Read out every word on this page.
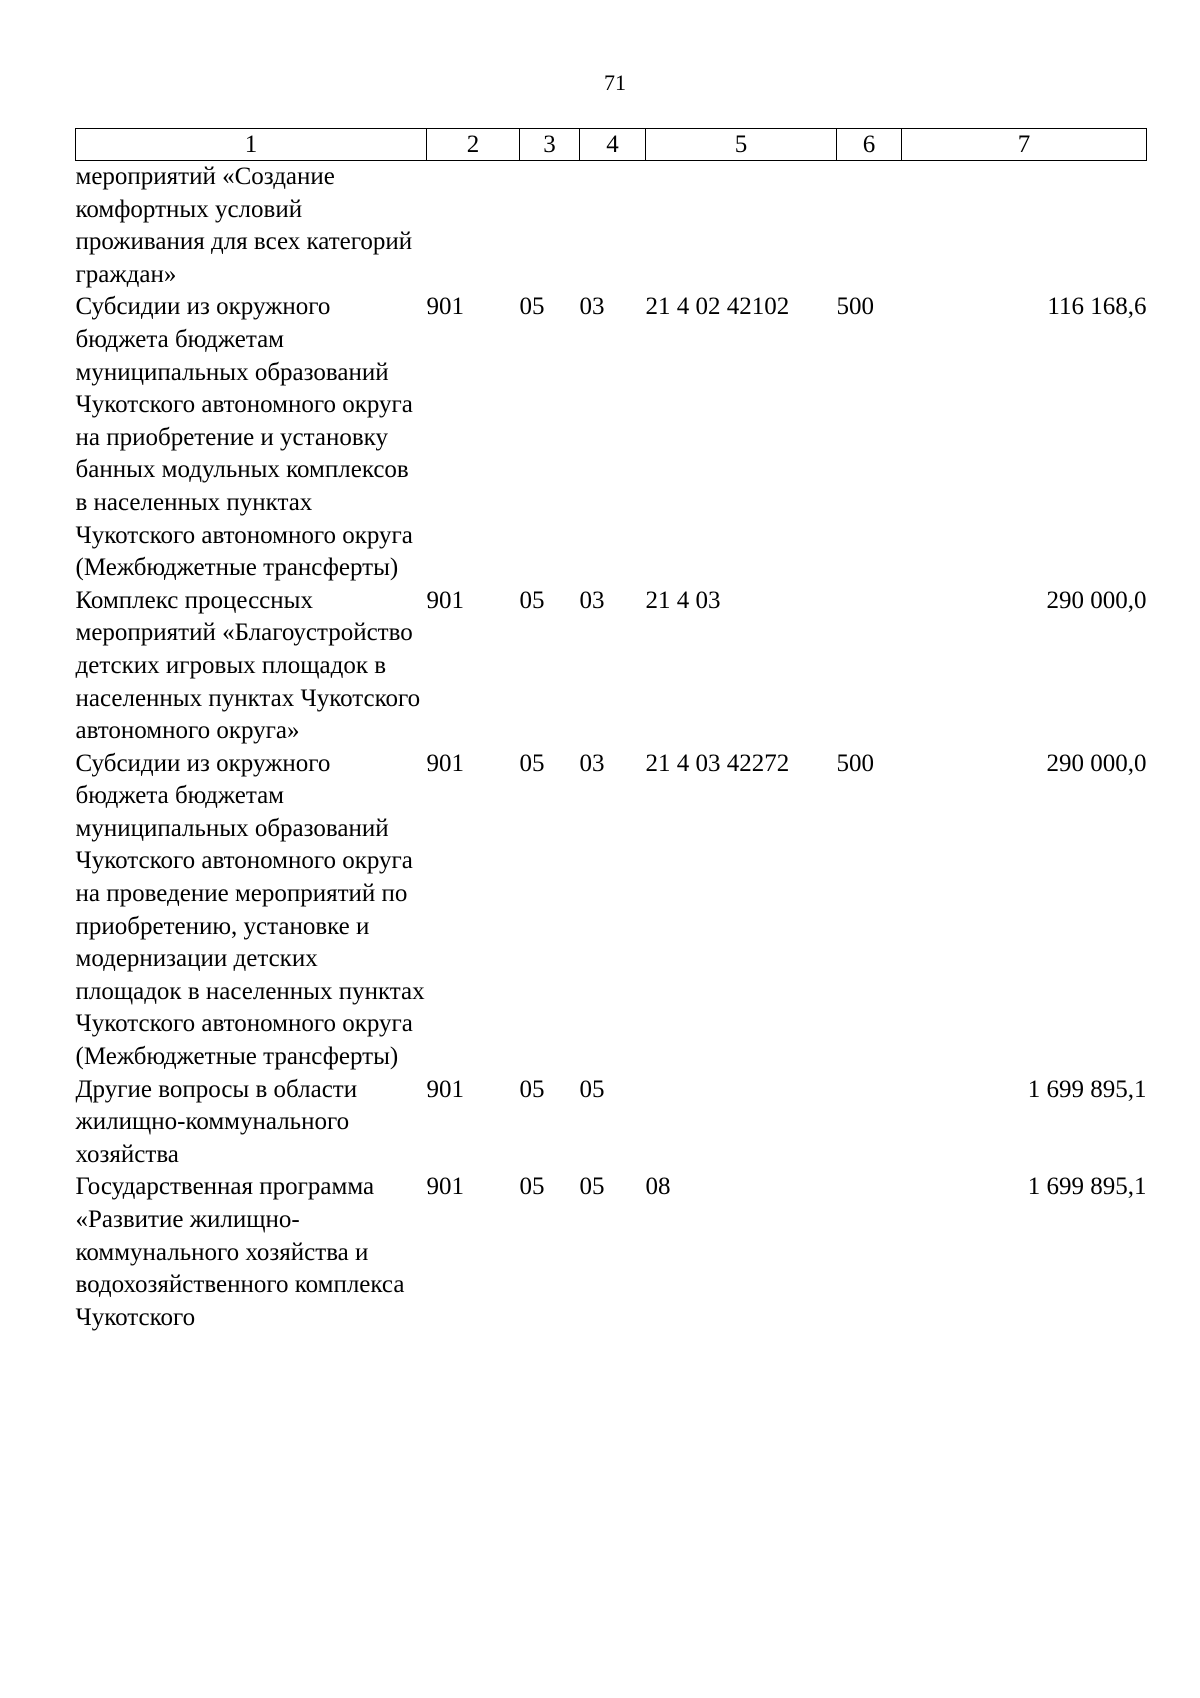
71
1	2	3	4	5	6	7
мероприятий «Создание комфортных условий проживания для всех категорий граждан»						
Субсидии из окружного бюджета бюджетам муниципальных образований Чукотского автономного округа на приобретение и установку банных модульных комплексов в населенных пунктах Чукотского автономного округа (Межбюджетные трансферты)	901	05	03	21 4 02 42102	500	116 168,6
Комплекс процессных мероприятий «Благоустройство детских игровых площадок в населенных пунктах Чукотского автономного округа»	901	05	03	21 4 03		290 000,0
Субсидии из окружного бюджета бюджетам муниципальных образований Чукотского автономного округа на проведение мероприятий по приобретению, установке и модернизации детских площадок в населенных пунктах Чукотского автономного округа (Межбюджетные трансферты)	901	05	03	21 4 03 42272	500	290 000,0
Другие вопросы в области жилищно-коммунального хозяйства	901	05	05			1 699 895,1
Государственная программа «Развитие жилищно-коммунального хозяйства и водохозяйственного комплекса Чукотского	901	05	05	08		1 699 895,1
